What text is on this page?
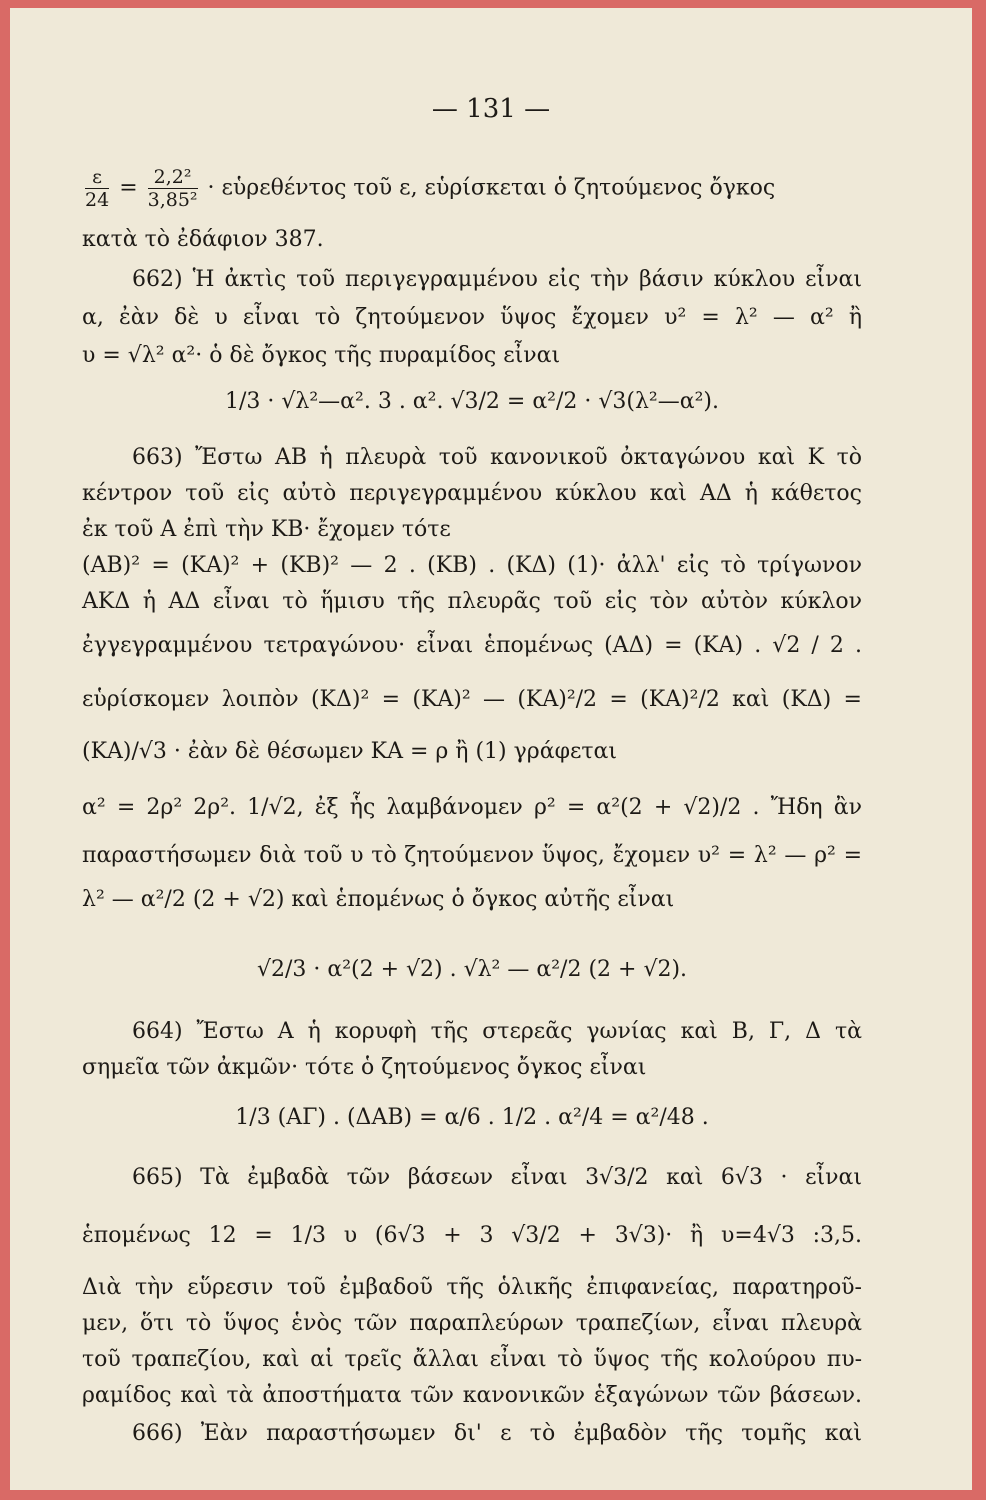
— 131 —
$\frac{\varepsilon}{24} = \frac{\text{2,2²}}{\text{3,85²}}$ · εὑρεθέντος τοῦ ε, εὑρίσκεται ὁ ζητούμενος ὄγκος
κατὰ τὸ ἐδάφιον 387.
662) Ἡ ἀκτὶς τοῦ περιγεγραμμένου εἰς τὴν βάσιν κύκλου εἶναι
α, ἐὰν δὲ υ εἶναι τὸ ζητούμενον ὕψος ἔχομεν υ² = λ² — α² ἢ
υ = √λ² α²· ὁ δὲ ὄγκος τῆς πυραμίδος εἶναι
1/3 · √λ²—α². 3 . α². √3/2 = α²/2 · √3(λ²—α²).
663) Ἔστω ΑΒ ἡ πλευρὰ τοῦ κανονικοῦ ὀκταγώνου καὶ Κ τὸ
κέντρον τοῦ εἰς αὐτὸ περιγεγραμμένου κύκλου καὶ ΑΔ ἡ κάθετος
ἐκ τοῦ Α ἐπὶ τὴν ΚΒ· ἔχομεν τότε
(ΑΒ)² = (ΚΑ)² + (ΚΒ)² — 2 . (ΚΒ) . (ΚΔ) (1)· ἀλλ' εἰς τὸ τρίγωνον
ΑΚΔ ἡ ΑΔ εἶναι τὸ ἥμισυ τῆς πλευρᾶς τοῦ εἰς τὸν αὐτὸν κύκλον
ἐγγεγραμμένου τετραγώνου· εἶναι ἑπομένως (ΑΔ) = (ΚΑ) . √2 / 2 .
εὑρίσκομεν λοιπὸν (ΚΔ)² = (ΚΑ)² — (ΚΑ)²/2 = (ΚΑ)²/2 καὶ (ΚΔ) =
(ΚΑ)/√3 · ἐὰν δὲ θέσωμεν ΚΑ = ρ ἢ (1) γράφεται
α² = 2ρ² 2ρ². 1/√2, ἐξ ἧς λαμβάνομεν ρ² = α²(2 + √2)/2 . Ἤδη ἂν
παραστήσωμεν διὰ τοῦ υ τὸ ζητούμενον ὕψος, ἔχομεν υ² = λ² — ρ² =
λ² — α²/2 (2 + √2) καὶ ἑπομένως ὁ ὄγκος αὐτῆς εἶναι
√2/3 · α²(2 + √2) . √λ² — α²/2 (2 + √2).
664) Ἔστω Α ἡ κορυφὴ τῆς στερεᾶς γωνίας καὶ Β, Γ, Δ τὰ
σημεῖα τῶν ἀκμῶν· τότε ὁ ζητούμενος ὄγκος εἶναι
1/3 (ΑΓ) . (ΔΑΒ) = α/6 . 1/2 . α²/4 = α²/48 .
665) Τὰ ἐμβαδὰ τῶν βάσεων εἶναι 3√3/2 καὶ 6√3 · εἶναι
ἑπομένως 12 = 1/3 υ (6√3 + 3 √3/2 + 3√3)· ἢ υ=4√3 :3,5.
Διὰ τὴν εὕρεσιν τοῦ ἐμβαδοῦ τῆς ὁλικῆς ἐπιφανείας, παρατηροῦ-
μεν, ὅτι τὸ ὕψος ἑνὸς τῶν παραπλεύρων τραπεζίων, εἶναι πλευρὰ
τοῦ τραπεζίου, καὶ αἱ τρεῖς ἄλλαι εἶναι τὸ ὕψος τῆς κολούρου πυ-
ραμίδος καὶ τὰ ἀποστήματα τῶν κανονικῶν ἑξαγώνων τῶν βάσεων.
666) Ἐὰν παραστήσωμεν δι' ε τὸ ἐμβαδὸν τῆς τομῆς καὶ
